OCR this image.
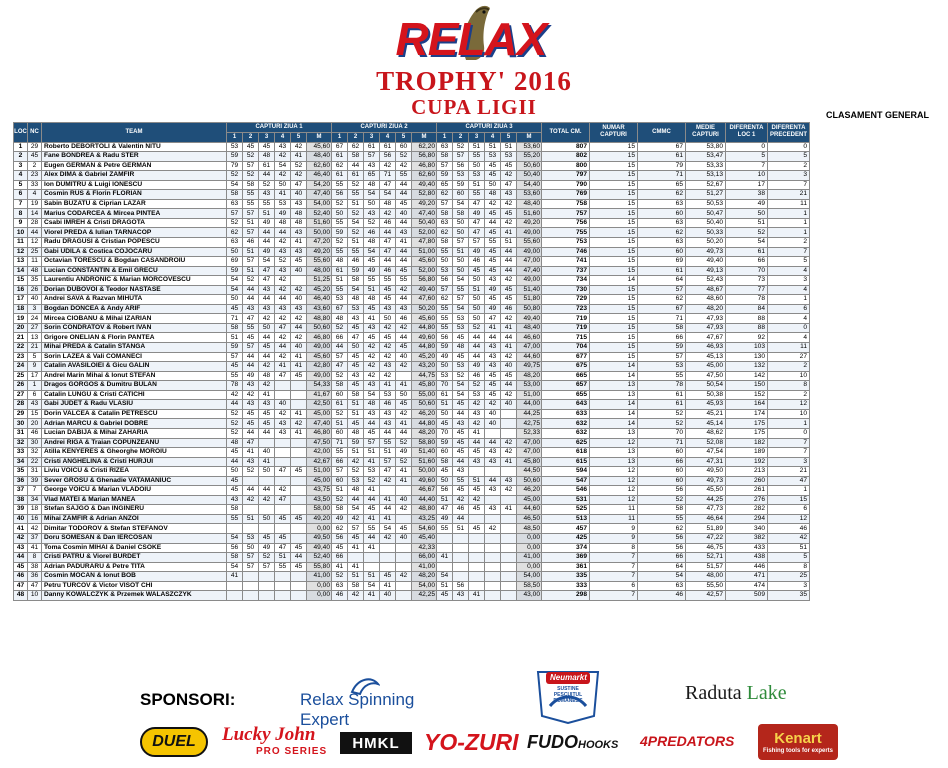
RELAX
TROPHY' 2016
CUPA LIGII	CLASAMENT GENERAL
LOC	NC	TEAM	CAPTURI ZIUA 1						CAPTURI ZIUA 2						CAPTURI ZIUA 3						TOTAL CM.	NUMAR CAPTURI	CMMC	MEDIE CAPTURI	DIFERENTA LOC 1	DIFERENTA PRECEDENT
			1	2	3	4	5	M	1	2	3	4	5	M	1	2	3	4	5	M						
1	29	Roberto DEBORTOLI & Valentin NITU	53	45	45	43	42	45,60	67	62	61	61	60	62,20	63	52	51	51	51	53,60	807	15	67	53,80	0	0
2	45	Fane BONDREA & Radu STER	59	52	48	42	41	48,40	61	58	57	56	52	56,80	58	57	55	53	53	55,20	802	15	61	53,47	5	5
3	2	Eugen GERMAN & Petre GERMAN	79	57	61	54	52	62,60	62	44	43	42	42	46,80	57	56	50	45	45	50,60	800	15	79	53,33	7	2
4	23	Alex DIMA & Gabriel ZAMFIR	52	52	44	42	42	46,40	61	61	65	71	55	62,60	59	53	53	45	42	50,40	797	15	71	53,13	10	3
5	33	Ion DUMITRU & Luigi IONESCU	54	58	52	50	47	54,20	55	52	48	47	44	49,40	65	59	51	50	47	54,40	790	15	65	52,67	17	7
6	4	Cosmin RUS & Florin FLORIAN	58	55	43	41	40	47,40	56	55	54	54	44	52,80	62	60	55	48	43	53,60	769	15	62	51,27	38	21
7	19	Sabin BUZATU & Ciprian LAZAR	63	55	55	53	43	54,00	52	51	50	48	45	49,20	57	54	47	42	42	48,40	758	15	63	50,53	49	11
8	14	Marius CODARCEA & Mircea PINTEA	57	57	51	49	48	52,40	50	52	43	42	40	47,40	58	58	49	45	45	51,60	757	15	60	50,47	50	1
9	28	Csabi IMREH & Cristi DRAGOTA	52	51	49	48	48	51,60	55	54	52	46	44	50,40	63	50	47	44	42	49,20	756	15	63	50,40	51	1
10	44	Viorel PREDA & Iulian TARNACOP	62	57	44	44	43	50,00	59	52	46	44	43	52,00	62	50	47	45	41	49,00	755	15	62	50,33	52	1
11	12	Radu DRAGUSI & Cristian POPESCU	63	46	44	42	41	47,20	52	51	48	47	41	47,80	58	57	57	55	51	55,60	753	15	63	50,20	54	2
12	25	Gabi UDILA & Costica COJOCARU	50	51	49	43	43	49,20	55	55	54	47	44	51,00	55	51	49	45	44	49,00	746	15	60	49,73	61	7
13	11	Octavian TORESCU & Bogdan CASANDROIU	69	57	54	52	45	55,60	48	46	45	44	44	45,60	50	50	46	45	44	47,00	741	15	69	49,40	66	5
14	48	Lucian CONSTANTIN & Emil GRECU	59	51	47	43	40	48,00	61	59	49	46	45	52,00	53	50	45	45	44	47,40	737	15	61	49,13	70	4
15	35	Laurentiu ANDRONIC & Marian MORCOVESCU	54	52	47	42		51,25	51	58	55	55	55	56,80	56	54	50	43	42	49,00	734	14	64	52,43	73	3
16	26	Dorian DUBOVOI & Teodor NASTASE	54	44	43	42	42	45,20	55	54	51	45	42	49,40	57	55	51	49	45	51,40	730	15	57	48,67	77	4
17	40	Andrei SAVA & Razvan MIHUTA	50	44	44	44	40	46,40	53	48	48	45	44	47,60	62	57	50	45	45	51,80	729	15	62	48,60	78	1
18	3	Bogdan DONCEA & Andy ARIF	45	43	43	43	43	43,60	67	53	45	43	43	50,20	55	54	50	49	46	50,80	723	15	67	48,20	84	6
19	24	Mircea CIOBANU & Mihai IZARIAN	71	47	42	42	42	48,80	48	43	41	50	46	45,60	55	53	50	47	42	49,40	719	15	71	47,93	88	4
20	27	Sorin CONDRATOV & Robert IVAN	58	55	50	47	44	50,60	52	45	43	42	42	44,80	55	53	52	41	41	48,40	719	15	58	47,93	88	0
21	13	Grigore ONELIAN & Florin PANTEA	51	45	44	42	42	46,80	66	47	45	45	44	49,60	56	45	44	44	44	46,60	715	15	66	47,67	92	4
22	21	Mihai PREDA & Catalin STANGA	59	57	45	44	40	49,00	44	50	42	42	45	44,80	59	48	44	43	41	47,00	704	15	59	46,93	103	11
23	5	Sorin LAZEA & Vali COMANECI	57	44	44	42	41	45,60	57	45	42	42	40	45,20	49	45	44	43	42	44,60	677	15	57	45,13	130	27
24	9	Catalin AVASILOIEI & Gicu GALIN	45	44	42	41	41	42,80	47	45	42	43	42	43,20	50	53	49	43	40	49,75	675	14	53	45,00	132	2
25	17	Andrei Marin Mihai & Ionut STEFAN	55	49	48	47	45	49,00	52	43	42	42		44,75	53	52	46	45	45	48,20	665	14	55	47,50	142	10
26	1	Dragos GORGOS & Dumitru BULAN	78	43	42			54,33	58	45	43	41	41	45,80	70	54	52	45	44	53,00	657	13	78	50,54	150	8
27	6	Catalin LUNGU & Cristi CATICHI	42	42	41			41,67	60	58	54	53	50	55,00	61	54	53	45	42	51,00	655	13	61	50,38	152	2
28	43	Gabi JUDET & Radu VLASIU	44	43	43	40		42,50	61	51	48	46	45	50,60	51	45	42	42	40	44,00	643	14	61	45,93	164	12
29	15	Dorin VALCEA & Catalin PETRESCU	52	45	45	42	41	45,00	52	51	43	43	42	46,20	50	44	43	40		44,25	633	14	52	45,21	174	10
30	20	Adrian MARCU & Gabriel DOBRE	52	45	45	43	42	47,40	51	45	44	43	41	44,80	45	43	42	40		42,75	632	14	52	45,14	175	1
31	46	Lucian DABIJA & Mihai ZAHARIA	52	44	44	43	41	46,80	60	48	45	44	44	48,20	70	45	41			52,33	632	13	70	48,62	175	0
32	30	Andrei RIGA & Traian COPUNZEANU	48	47				47,50	71	59	57	55	52	58,80	59	45	44	44	42	47,00	625	12	71	52,08	182	7
33	32	Atilla KENYERES & Gheorghe MOROIU	45	41	40			42,00	55	51	51	51	49	51,40	60	45	45	43	42	47,00	618	13	60	47,54	189	7
34	22	Cristi ANGHELINA & Cristi HURJUI	44	43	41			42,67	66	42	41	57	52	51,60	58	44	43	43	41	45,80	615	13	66	47,31	192	3
35	31	Liviu VOICU & Cristi RIZEA	50	52	50	47	45	51,00	57	52	53	47	41	50,00	45	43				44,50	594	12	60	49,50	213	21
36	39	Sever GROSU & Ghenadie VATAMANIUC	45					45,00	60	53	52	42	41	49,60	50	55	51	44	43	50,60	547	12	60	49,73	260	47
37	7	George VOICU & Marian VLADOIU	45	44	44	42		43,75	51	48	41			46,67	56	45	45	43	42	46,20	546	12	56	45,50	261	1
38	34	Vlad MATEI & Marian MANEA	43	42	42	47		43,50	52	44	44	41	40	44,40	51	42	42			45,00	531	12	52	44,25	276	15
39	18	Stefan SAJGO & Dan INGINERU	58					58,00	58	54	45	44	42	48,80	47	46	45	43	41	44,60	525	11	58	47,73	282	6
40	16	Mihai ZAMFIR & Adrian ANZOI	55	51	50	45	45	49,20	49	42	41	41		43,25	49	44				46,50	513	11	55	46,64	294	12
41	42	Dimitar TODOROV & Stefan STEFANOV						0,00	62	57	55	54	45	54,60	55	51	45	42		48,50	457	9	62	51,89	340	46
42	37	Doru SOMESAN & Dan IERCOSAN	54	53	45	45		49,50	56	45	44	42	40	45,40						0,00	425	9	56	47,22	382	42
43	41	Toma Cosmin MIHAI & Daniel CSOKE	56	50	49	47	45	49,40	45	41	41			42,33						0,00	374	8	56	46,75	433	51
44	8	Cristi PATRU & Viorel BURDET	58	57	52	51	44	52,40	66					66,00	41					41,00	369	7	66	52,71	438	5
45	38	Adrian PADURARU & Petre TITA	54	57	57	55	45	55,80	41	41				41,00						0,00	361	7	64	51,57	446	8
46	36	Cosmin MOCAN & Ionut BOB	41					41,00	52	51	51	45	42	48,20	54					54,00	335	7	54	48,00	471	25
47	47	Petru TURCOV & Victor VISOT CHI						0,00	63	58	54	41		54,00	51	56				58,50	333	6	63	55,50	474	3
48	10	Danny KOWALCZYK & Przemek WALASZCZYK						0,00	46	42	41	40		42,25	45	43	41			43,00	298	7	46	42,57	509	35
SPONSORI:	Relax Spinning Expert
Neumarkt
SUSTINE PESCUITUL ROMANESC	Raduta Lake
DUEL	Lucky John
PRO SERIES	HMKL	YO-ZURI FUDOHOOKS 4PREDATORS	Kenart
Fishing tools for experts
